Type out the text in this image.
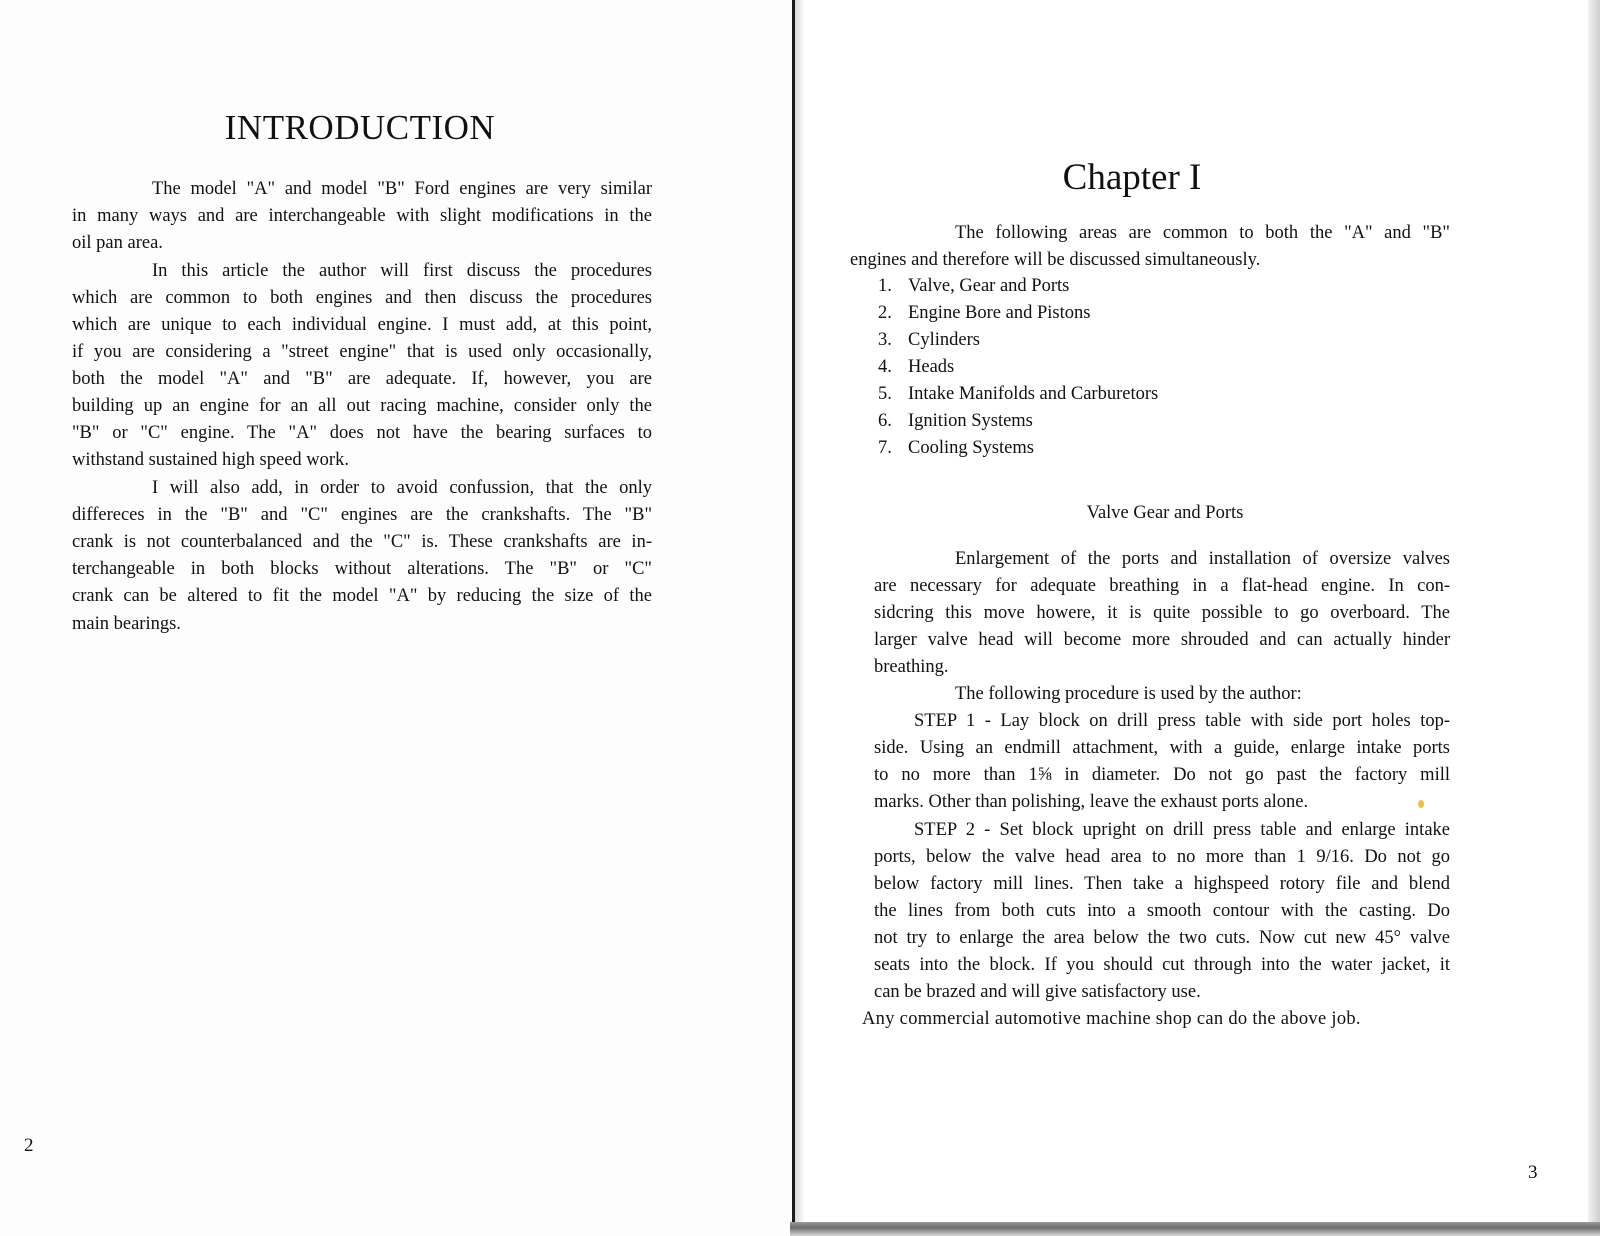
INTRODUCTION
The model "A" and model "B" Ford engines are very similar
in many ways and are interchangeable with slight modifications in the
oil pan area.
In this article the author will first discuss the procedures
which are common to both engines and then discuss the procedures
which are unique to each individual engine. I must add, at this point,
if you are considering a "street engine" that is used only occasionally,
both the model "A" and "B" are adequate. If, however, you are
building up an engine for an all out racing machine, consider only the
"B" or "C" engine. The "A" does not have the bearing surfaces to
withstand sustained high speed work.
I will also add, in order to avoid confussion, that the only
differeces in the "B" and "C" engines are the crankshafts. The "B"
crank is not counterbalanced and the "C" is. These crankshafts are in-
terchangeable in both blocks without alterations. The "B" or "C"
crank can be altered to fit the model "A" by reducing the size of the
main bearings.
2
Chapter I
The following areas are common to both the "A" and "B"
engines and therefore will be discussed simultaneously.
1. Valve, Gear and Ports
2. Engine Bore and Pistons
3. Cylinders
4. Heads
5. Intake Manifolds and Carburetors
6. Ignition Systems
7. Cooling Systems
Valve Gear and Ports
Enlargement of the ports and installation of oversize valves
are necessary for adequate breathing in a flat-head engine. In con-
sidcring this move howere, it is quite possible to go overboard. The
larger valve head will become more shrouded and can actually hinder
breathing.
The following procedure is used by the author:
STEP 1 - Lay block on drill press table with side port holes top-
side. Using an endmill attachment, with a guide, enlarge intake ports
to no more than 1⅝ in diameter. Do not go past the factory mill
marks. Other than polishing, leave the exhaust ports alone.
STEP 2 - Set block upright on drill press table and enlarge intake
ports, below the valve head area to no more than 1 9/16. Do not go
below factory mill lines. Then take a highspeed rotory file and blend
the lines from both cuts into a smooth contour with the casting. Do
not try to enlarge the area below the two cuts. Now cut new 45° valve
seats into the block. If you should cut through into the water jacket, it
can be brazed and will give satisfactory use.
Any commercial automotive machine shop can do the above job.
3
